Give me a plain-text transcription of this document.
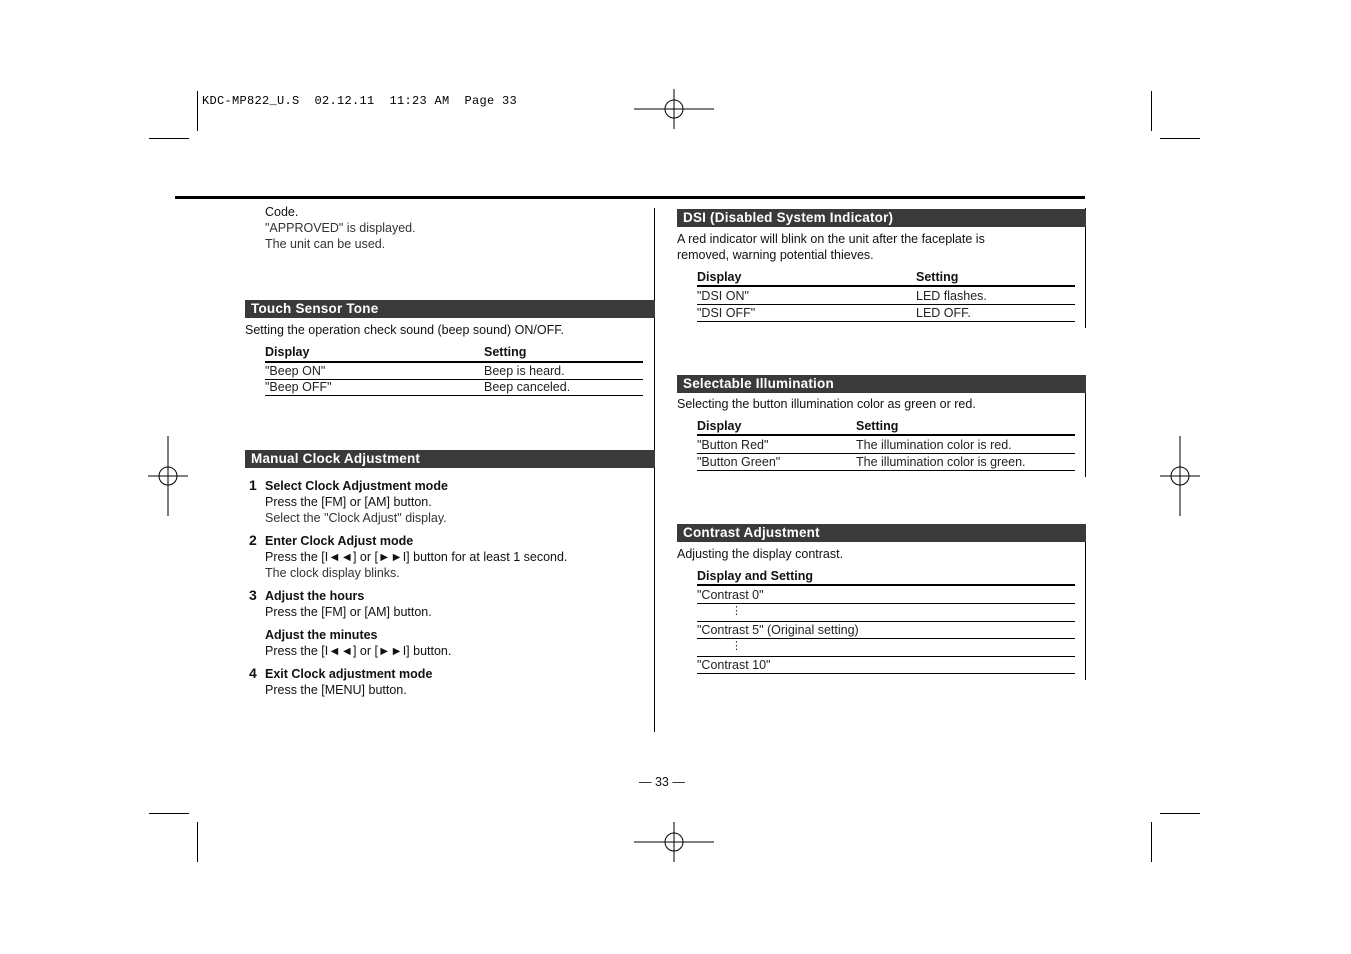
KDC-MP822_U.S  02.12.11  11:23 AM  Page 33
Code.
"APPROVED" is displayed.
The unit can be used.
Touch Sensor Tone
Setting the operation check sound (beep sound) ON/OFF.
Display	Setting
"Beep ON"	Beep is heard.
"Beep OFF"	Beep canceled.
Manual Clock Adjustment
1 Select Clock Adjustment mode
Press the [FM] or [AM] button.
Select the "Clock Adjust" display.
2 Enter Clock Adjust mode
Press the [I◄◄] or [►►I] button for at least 1 second.
The clock display blinks.
3 Adjust the hours
Press the [FM] or [AM] button.
Adjust the minutes
Press the [I◄◄] or [►►I] button.
4 Exit Clock adjustment mode
Press the [MENU] button.
DSI (Disabled System Indicator)
A red indicator will blink on the unit after the faceplate is
removed, warning potential thieves.
Display	Setting
"DSI ON"	LED flashes.
"DSI OFF"	LED OFF.
Selectable Illumination
Selecting the button illumination color as green or red.
Display	Setting
"Button Red"	The illumination color is red.
"Button Green"	The illumination color is green.
Contrast Adjustment
Adjusting the display contrast.
Display and Setting
"Contrast 0"
⋮
"Contrast 5" (Original setting)
⋮
"Contrast 10"
— 33 —
